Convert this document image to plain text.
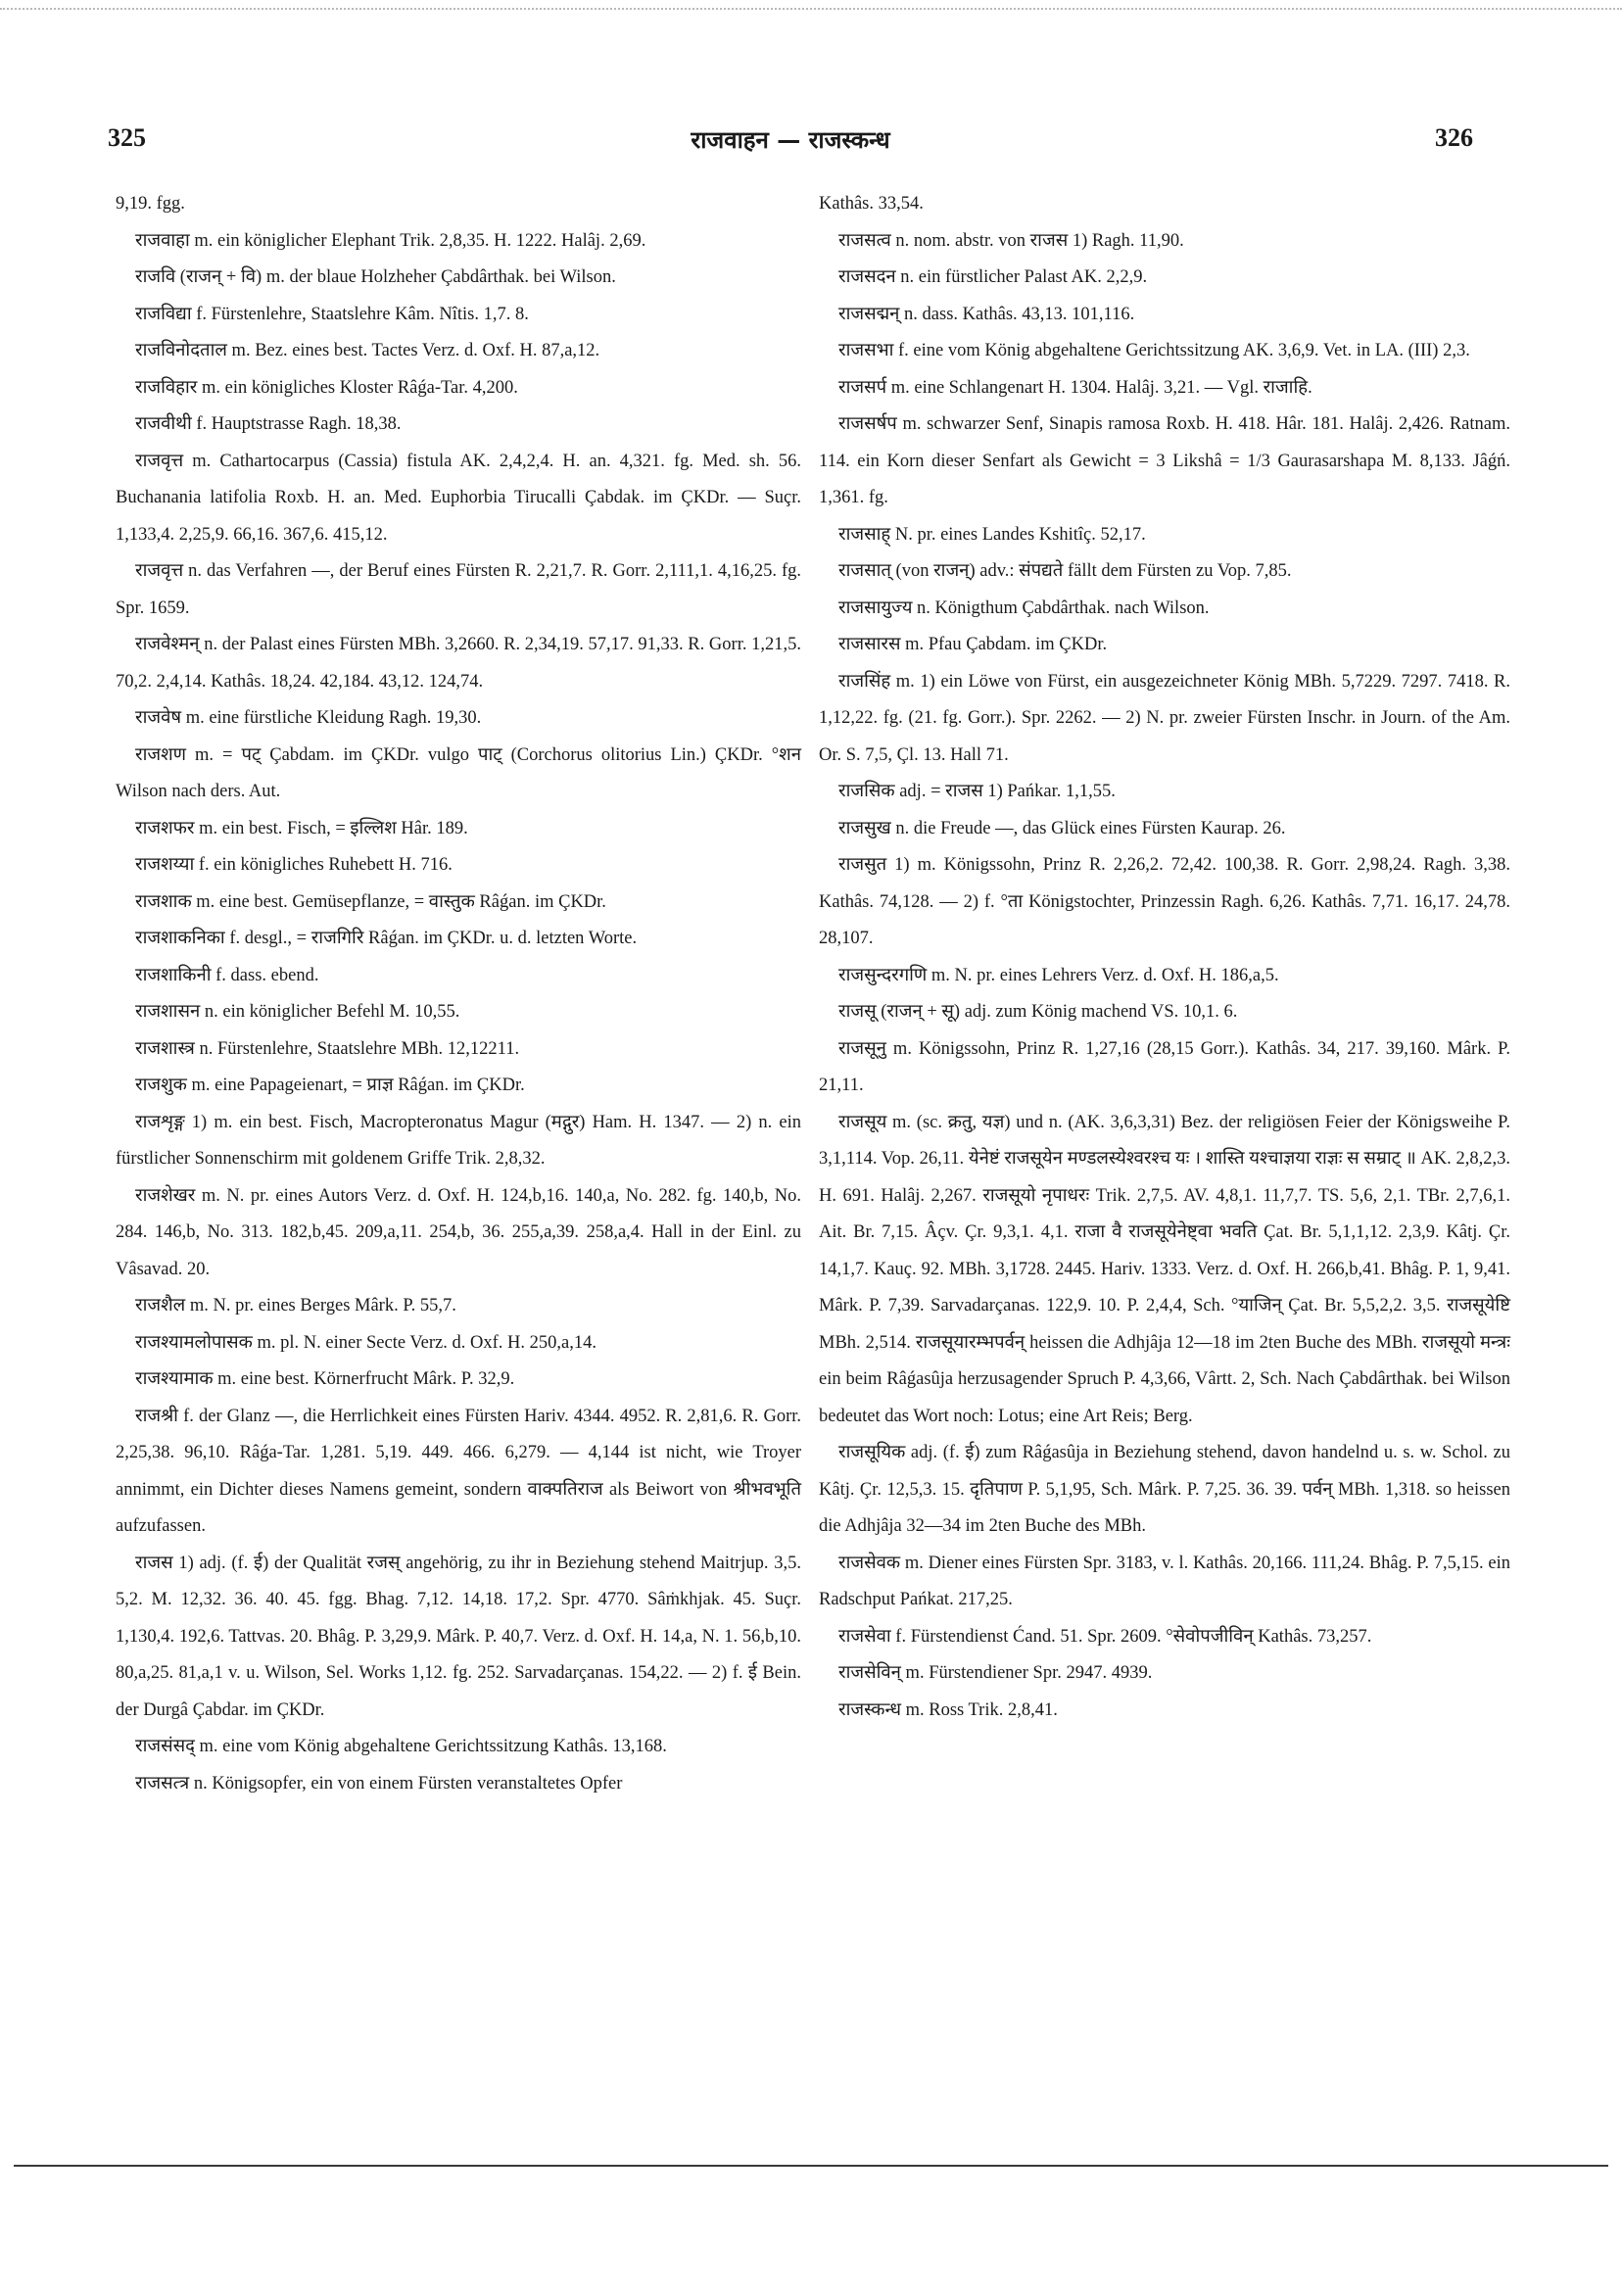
325	राजवाहन — राजस्कन्ध	326

9,19. fgg.

राजवाहा m. ein königlicher Elephant Trik. 2,8,35. H. 1222. Halâj. 2,69.

राजवि (राजन् + वि) m. der blaue Holzheher Çabdârthak. bei Wilson.

राजविद्या f. Fürstenlehre, Staatslehre Kâm. Nîtis. 1,7. 8.

राजविनोदताल m. Bez. eines best. Tactes Verz. d. Oxf. H. 87,a,12.

राजविहार m. ein königliches Kloster Râǵa-Tar. 4,200.

राजवीथी f. Hauptstrasse Ragh. 18,38.

राजवृत्त m. Cathartocarpus (Cassia) fistula AK. 2,4,2,4. H. an. 4,321. fg. Med. sh. 56. Buchanania latifolia Roxb. H. an. Med. Euphorbia Tirucalli Çabdak. im ÇKDr. — Suçr. 1,133,4. 2,25,9. 66,16. 367,6. 415,12.

राजवृत्त n. das Verfahren —, der Beruf eines Fürsten R. 2,21,7. R. Gorr. 2,111,1. 4,16,25. fg. Spr. 1659.

राजवेश्मन् n. der Palast eines Fürsten MBh. 3,2660. R. 2,34,19. 57,17. 91,33. R. Gorr. 1,21,5. 70,2. 2,4,14. Kathâs. 18,24. 42,184. 43,12. 124,74.

राजवेष m. eine fürstliche Kleidung Ragh. 19,30.

राजशण m. = पट् Çabdam. im ÇKDr. vulgo पाट् (Corchorus olitorius Lin.) ÇKDr. °शन Wilson nach ders. Aut.

राजशफर m. ein best. Fisch, = इल्लिश Hâr. 189.

राजशय्या f. ein königliches Ruhebett H. 716.

राजशाक m. eine best. Gemüsepflanze, = वास्तुक Râǵan. im ÇKDr.

राजशाकनिका f. desgl., = राजगिरि Râǵan. im ÇKDr. u. d. letzten Worte.

राजशाकिनी f. dass. ebend.

राजशासन n. ein königlicher Befehl M. 10,55.

राजशास्त्र n. Fürstenlehre, Staatslehre MBh. 12,12211.

राजशुक m. eine Papageienart, = प्राज्ञ Râǵan. im ÇKDr.

राजशृङ्ग 1) m. ein best. Fisch, Macropteronatus Magur (मद्गुर) Ham. H. 1347. — 2) n. ein fürstlicher Sonnenschirm mit goldenem Griffe Trik. 2,8,32.

राजशेखर m. N. pr. eines Autors Verz. d. Oxf. H. 124,b,16. 140,a, No. 282. fg. 140,b, No. 284. 146,b, No. 313. 182,b,45. 209,a,11. 254,b, 36. 255,a,39. 258,a,4. Hall in der Einl. zu Vâsavad. 20.

राजशैल m. N. pr. eines Berges Mârk. P. 55,7.

राजश्यामलोपासक m. pl. N. einer Secte Verz. d. Oxf. H. 250,a,14.

राजश्यामाक m. eine best. Körnerfrucht Mârk. P. 32,9.

राजश्री f. der Glanz —, die Herrlichkeit eines Fürsten Hariv. 4344. 4952. R. 2,81,6. R. Gorr. 2,25,38. 96,10. Râǵa-Tar. 1,281. 5,19. 449. 466. 6,279. — 4,144 ist nicht, wie Troyer annimmt, ein Dichter dieses Namens gemeint, sondern वाक्पतिराज als Beiwort von श्रीभवभूति aufzufassen.

राजस 1) adj. (f. ई) der Qualität रजस् angehörig, zu ihr in Beziehung stehend Maitrjup. 3,5. 5,2. M. 12,32. 36. 40. 45. fgg. Bhag. 7,12. 14,18. 17,2. Spr. 4770. Sâṁkhjak. 45. Suçr. 1,130,4. 192,6. Tattvas. 20. Bhâg. P. 3,29,9. Mârk. P. 40,7. Verz. d. Oxf. H. 14,a, N. 1. 56,b,10. 80,a,25. 81,a,1 v. u. Wilson, Sel. Works 1,12. fg. 252. Sarvadarçanas. 154,22. — 2) f. ई Bein. der Durgâ Çabdar. im ÇKDr.

राजसंसद् m. eine vom König abgehaltene Gerichtssitzung Kathâs. 13,168.

राजसत्त्र n. Königsopfer, ein von einem Fürsten veranstaltetes Opfer

Kathâs. 33,54.

राजसत्व n. nom. abstr. von राजस 1) Ragh. 11,90.

राजसदन n. ein fürstlicher Palast AK. 2,2,9.

राजसद्मन् n. dass. Kathâs. 43,13. 101,116.

राजसभा f. eine vom König abgehaltene Gerichtssitzung AK. 3,6,9. Vet. in LA. (III) 2,3.

राजसर्प m. eine Schlangenart H. 1304. Halâj. 3,21. — Vgl. राजाहि.

राजसर्षप m. schwarzer Senf, Sinapis ramosa Roxb. H. 418. Hâr. 181. Halâj. 2,426. Ratnam. 114. ein Korn dieser Senfart als Gewicht = 3 Likshâ = 1/3 Gaurasarshapa M. 8,133. Jâǵń. 1,361. fg.

राजसाह् N. pr. eines Landes Kshitîç. 52,17.

राजसात् (von राजन्) adv.: संपद्यते fällt dem Fürsten zu Vop. 7,85.

राजसायुज्य n. Königthum Çabdârthak. nach Wilson.

राजसारस m. Pfau Çabdam. im ÇKDr.

राजसिंह m. 1) ein Löwe von Fürst, ein ausgezeichneter König MBh. 5,7229. 7297. 7418. R. 1,12,22. fg. (21. fg. Gorr.). Spr. 2262. — 2) N. pr. zweier Fürsten Inschr. in Journ. of the Am. Or. S. 7,5, Çl. 13. Hall 71.

राजसिक adj. = राजस 1) Pańkar. 1,1,55.

राजसुख n. die Freude —, das Glück eines Fürsten Kaurap. 26.

राजसुत 1) m. Königssohn, Prinz R. 2,26,2. 72,42. 100,38. R. Gorr. 2,98,24. Ragh. 3,38. Kathâs. 74,128. — 2) f. °ता Königstochter, Prinzessin Ragh. 6,26. Kathâs. 7,71. 16,17. 24,78. 28,107.

राजसुन्दरगणि m. N. pr. eines Lehrers Verz. d. Oxf. H. 186,a,5.

राजसू (राजन् + सू) adj. zum König machend VS. 10,1. 6.

राजसूनु m. Königssohn, Prinz R. 1,27,16 (28,15 Gorr.). Kathâs. 34, 217. 39,160. Mârk. P. 21,11.

राजसूय m. (sc. क्रतु, यज्ञ) und n. (AK. 3,6,3,31) Bez. der religiösen Feier der Königsweihe P. 3,1,114. Vop. 26,11. येनेष्टं राजसूयेन मण्डलस्येश्वरश्च यः । शास्ति यश्चाज्ञया राज्ञः स सम्राट् ॥ AK. 2,8,2,3. H. 691. Halâj. 2,267. राजसूयो नृपाधरः Trik. 2,7,5. AV. 4,8,1. 11,7,7. TS. 5,6, 2,1. TBr. 2,7,6,1. Ait. Br. 7,15. Âçv. Çr. 9,3,1. 4,1. राजा वै राजसूयेनेष्ट्वा भवति Çat. Br. 5,1,1,12. 2,3,9. Kâtj. Çr. 14,1,7. Kauç. 92. MBh. 3,1728. 2445. Hariv. 1333. Verz. d. Oxf. H. 266,b,41. Bhâg. P. 1, 9,41. Mârk. P. 7,39. Sarvadarçanas. 122,9. 10. P. 2,4,4, Sch. °याजिन् Çat. Br. 5,5,2,2. 3,5. राजसूयेष्टि MBh. 2,514. राजसूयारम्भपर्वन् heissen die Adhjâja 12—18 im 2ten Buche des MBh. राजसूयो मन्त्रः ein beim Râǵasûja herzusagender Spruch P. 4,3,66, Vârtt. 2, Sch. Nach Çabdârthak. bei Wilson bedeutet das Wort noch: Lotus; eine Art Reis; Berg.

राजसूयिक adj. (f. ई) zum Râǵasûja in Beziehung stehend, davon handelnd u. s. w. Schol. zu Kâtj. Çr. 12,5,3. 15. दृतिपाण P. 5,1,95, Sch. Mârk. P. 7,25. 36. 39. पर्वन् MBh. 1,318. so heissen die Adhjâja 32—34 im 2ten Buche des MBh.

राजसेवक m. Diener eines Fürsten Spr. 3183, v. l. Kathâs. 20,166. 111,24. Bhâg. P. 7,5,15. ein Radschput Pańkat. 217,25.

राजसेवा f. Fürstendienst Ćand. 51. Spr. 2609. °सेवोपजीविन् Kathâs. 73,257.

राजसेविन् m. Fürstendiener Spr. 2947. 4939.

राजस्कन्ध m. Ross Trik. 2,8,41.
